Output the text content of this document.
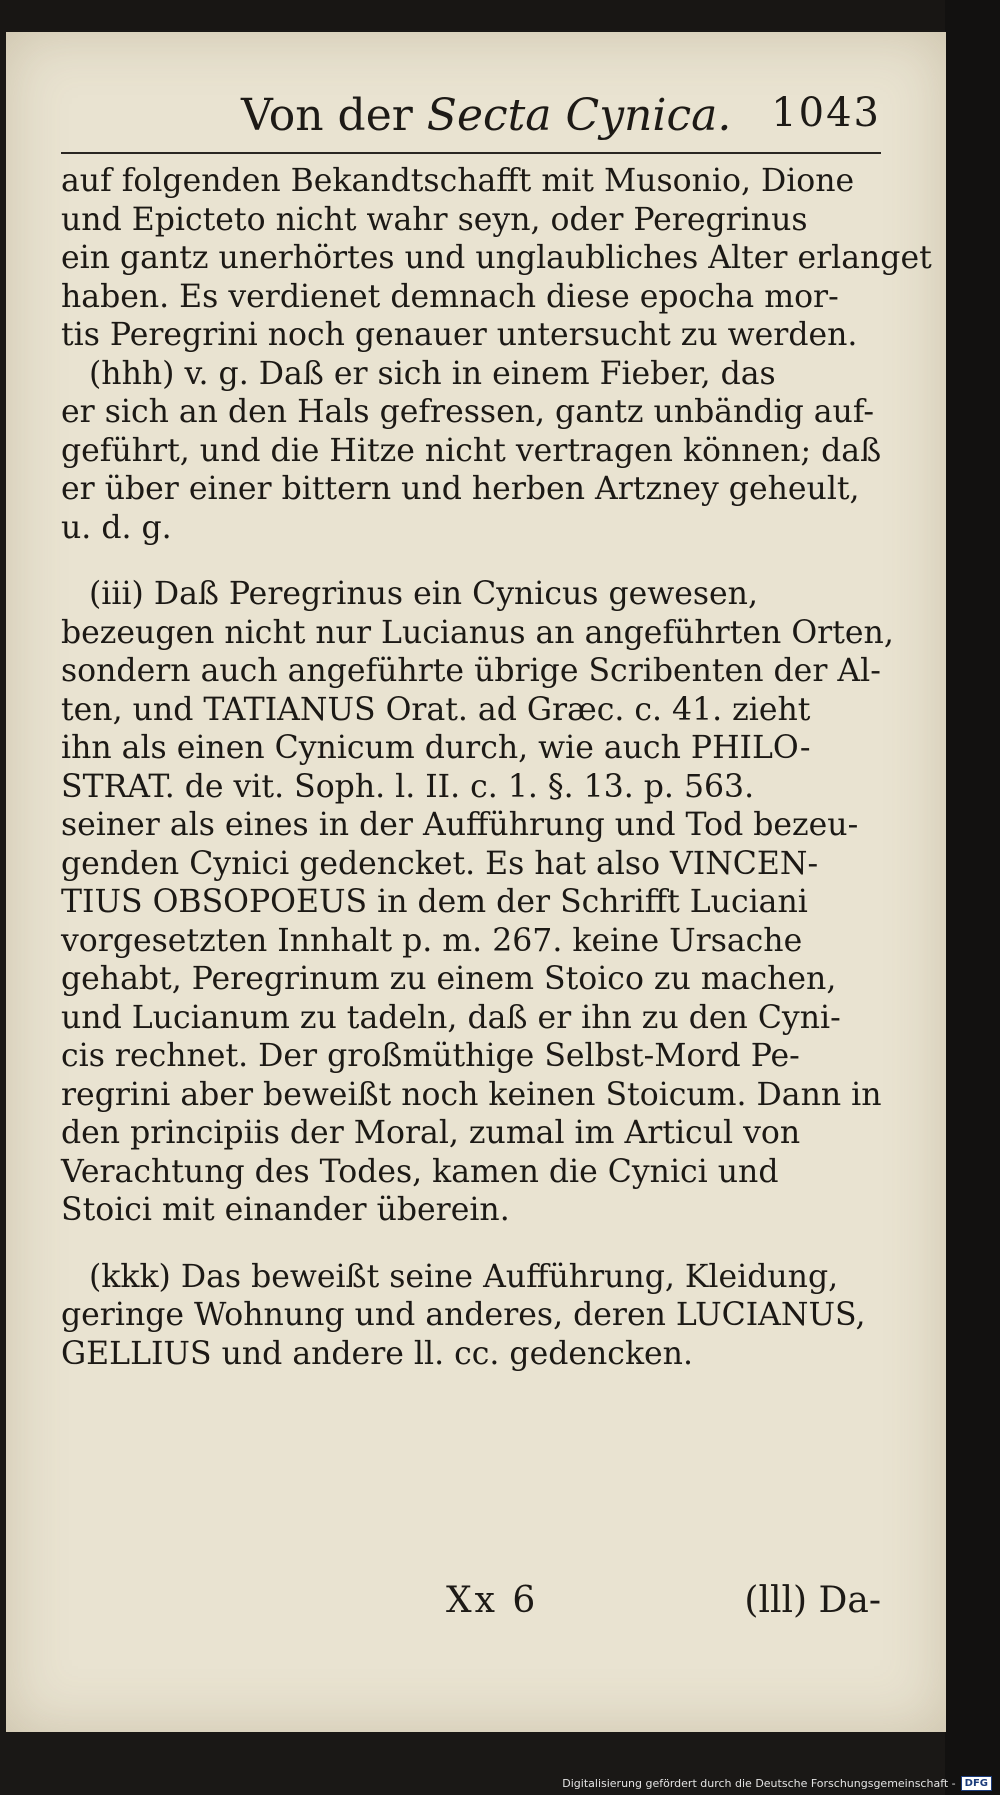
Von der Secta Cynica. 1043
auf folgenden Bekandtschafft mit Musonio, Dione
und Epicteto nicht wahr seyn, oder Peregrinus
ein gantz unerhörtes und unglaubliches Alter erlanget
haben. Es verdienet demnach diese epocha mor-
tis Peregrini noch genauer untersucht zu werden.
(hhh) v. g. Daß er sich in einem Fieber, das
er sich an den Hals gefressen, gantz unbändig auf-
geführt, und die Hitze nicht vertragen können; daß
er über einer bittern und herben Artzney geheult,
u. d. g.
(iii) Daß Peregrinus ein Cynicus gewesen,
bezeugen nicht nur Lucianus an angeführten Orten,
sondern auch angeführte übrige Scribenten der Al-
ten, und TATIANUS Orat. ad Græc. c. 41. zieht
ihn als einen Cynicum durch, wie auch PHILO-
STRAT. de vit. Soph. l. II. c. 1. §. 13. p. 563.
seiner als eines in der Aufführung und Tod bezeu-
genden Cynici gedencket. Es hat also VINCEN-
TIUS OBSOPOEUS in dem der Schrifft Luciani
vorgesetzten Innhalt p. m. 267. keine Ursache
gehabt, Peregrinum zu einem Stoico zu machen,
und Lucianum zu tadeln, daß er ihn zu den Cyni-
cis rechnet. Der großmüthige Selbst-Mord Pe-
regrini aber beweißt noch keinen Stoicum. Dann in
den principiis der Moral, zumal im Articul von
Verachtung des Todes, kamen die Cynici und
Stoici mit einander überein.
(kkk) Das beweißt seine Aufführung, Kleidung,
geringe Wohnung und anderes, deren LUCIANUS,
GELLIUS und andere ll. cc. gedencken.
Xx 6	(lll) Da-
Digitalisierung gefördert durch die Deutsche Forschungsgemeinschaft - DFG
